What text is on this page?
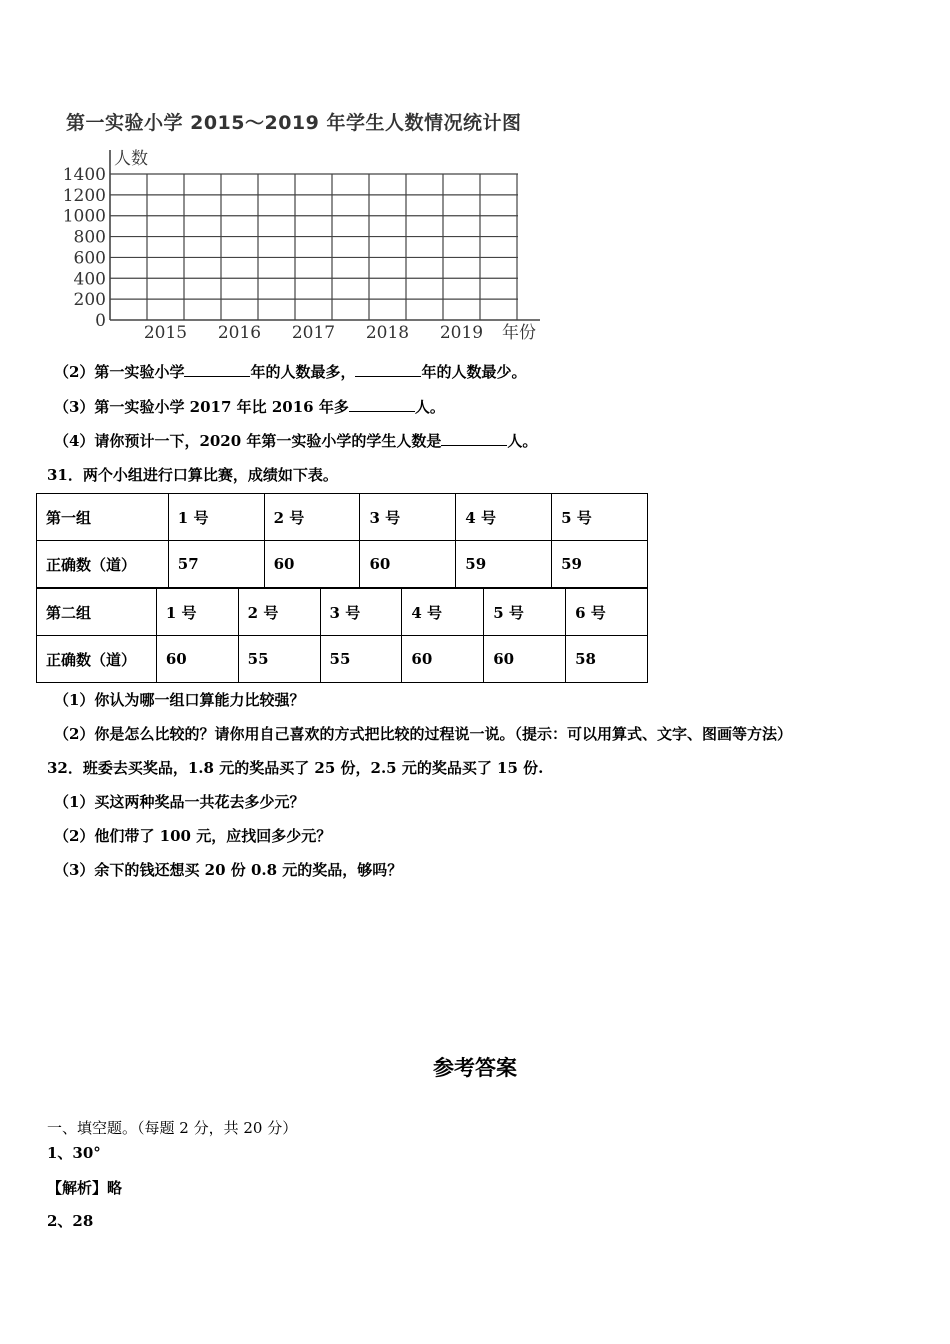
第一实验小学 2015～2019 年学生人数情况统计图
0
200
400
600
800
1000
1200
1400
人数
年份
2015 2016 2017 2018 2019
（2）第一实验小学	年的人数最多，	年的人数最少。
（3）第一实验小学 2017 年比 2016 年多	人。
（4）请你预计一下，2020 年第一实验小学的学生人数是	人。
31．两个小组进行口算比赛，成绩如下表。
第一组	1 号	2 号	3 号	4 号	5 号
正确数（道）	57	60	60	59	59
第二组	1 号	2 号	3 号	4 号	5 号	6 号
正确数（道）	60	55	55	60	60	58
（1）你认为哪一组口算能力比较强？
（2）你是怎么比较的？请你用自己喜欢的方式把比较的过程说一说。（提示：可以用算式、文字、图画等方法）
32．班委去买奖品，1.8 元的奖品买了 25 份，2.5 元的奖品买了 15 份.
（1）买这两种奖品一共花去多少元？
（2）他们带了 100 元，应找回多少元？
（3）余下的钱还想买 20 份 0.8 元的奖品，够吗？
参考答案
一、填空题。（每题 2 分，共 20 分）
1、30°
【解析】略
2、28
